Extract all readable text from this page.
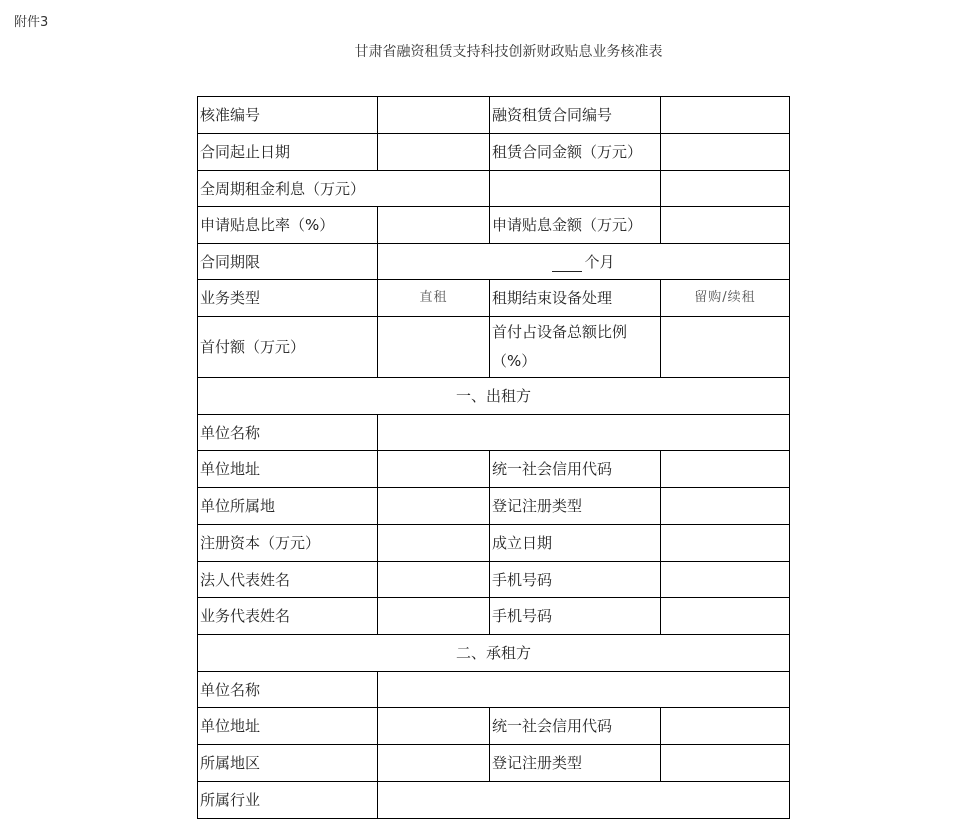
附件3
甘肃省融资租赁支持科技创新财政贴息业务核准表
核准编号		融资租赁合同编号	
合同起止日期		租赁合同金额（万元）	
全周期租金利息（万元）			
申请贴息比率（%）		申请贴息金额（万元）	
合同期限	个月		
业务类型	直租	租期结束设备处理	留购/续租
首付额（万元）		首付占设备总额比例（%）	
一、出租方			
单位名称			
单位地址		统一社会信用代码	
单位所属地		登记注册类型	
注册资本（万元）		成立日期	
法人代表姓名		手机号码	
业务代表姓名		手机号码	
二、承租方			
单位名称			
单位地址		统一社会信用代码	
所属地区		登记注册类型	
所属行业			
